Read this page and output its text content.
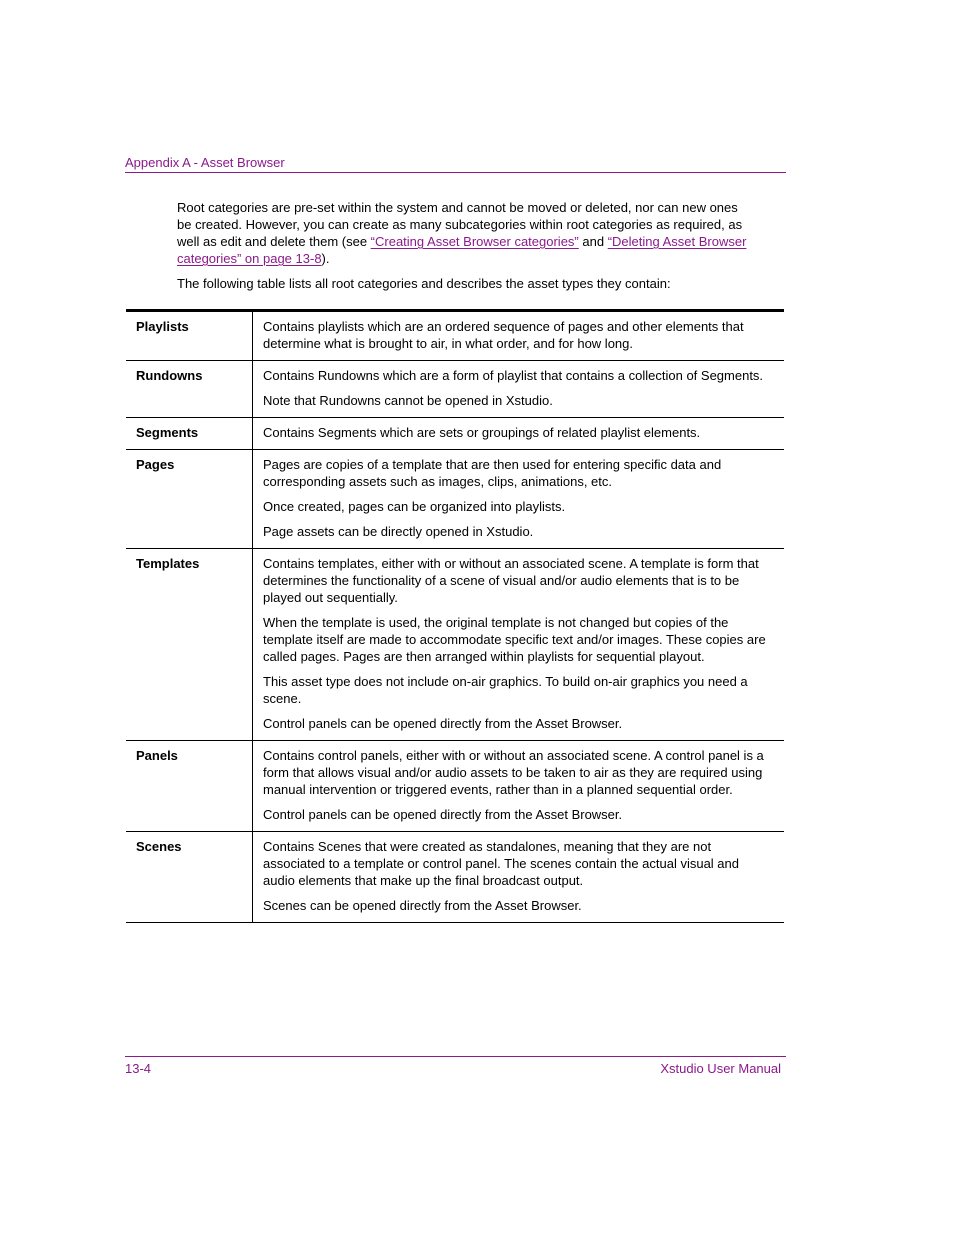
Appendix A - Asset Browser

Root categories are pre-set within the system and cannot be moved or deleted, nor can new ones be created. However, you can create as many subcategories within root categories as required, as well as edit and delete them (see “Creating Asset Browser categories” and “Deleting Asset Browser categories” on page 13-8).

The following table lists all root categories and describes the asset types they contain:

Playlists	Contains playlists which are an ordered sequence of pages and other elements that determine what is brought to air, in what order, and for how long.

Rundowns	Contains Rundowns which are a form of playlist that contains a collection of Segments.

Note that Rundowns cannot be opened in Xstudio.

Segments	Contains Segments which are sets or groupings of related playlist elements.

Pages	Pages are copies of a template that are then used for entering specific data and corresponding assets such as images, clips, animations, etc.

Once created, pages can be organized into playlists.

Page assets can be directly opened in Xstudio.

Templates	Contains templates, either with or without an associated scene. A template is form that determines the functionality of a scene of visual and/or audio elements that is to be played out sequentially.

When the template is used, the original template is not changed but copies of the template itself are made to accommodate specific text and/or images. These copies are called pages. Pages are then arranged within playlists for sequential playout.

This asset type does not include on-air graphics. To build on-air graphics you need a scene.

Control panels can be opened directly from the Asset Browser.

Panels	Contains control panels, either with or without an associated scene. A control panel is a form that allows visual and/or audio assets to be taken to air as they are required using manual intervention or triggered events, rather than in a planned sequential order.

Control panels can be opened directly from the Asset Browser.

Scenes	Contains Scenes that were created as standalones, meaning that they are not associated to a template or control panel. The scenes contain the actual visual and audio elements that make up the final broadcast output.

Scenes can be opened directly from the Asset Browser.

13-4	Xstudio User Manual
